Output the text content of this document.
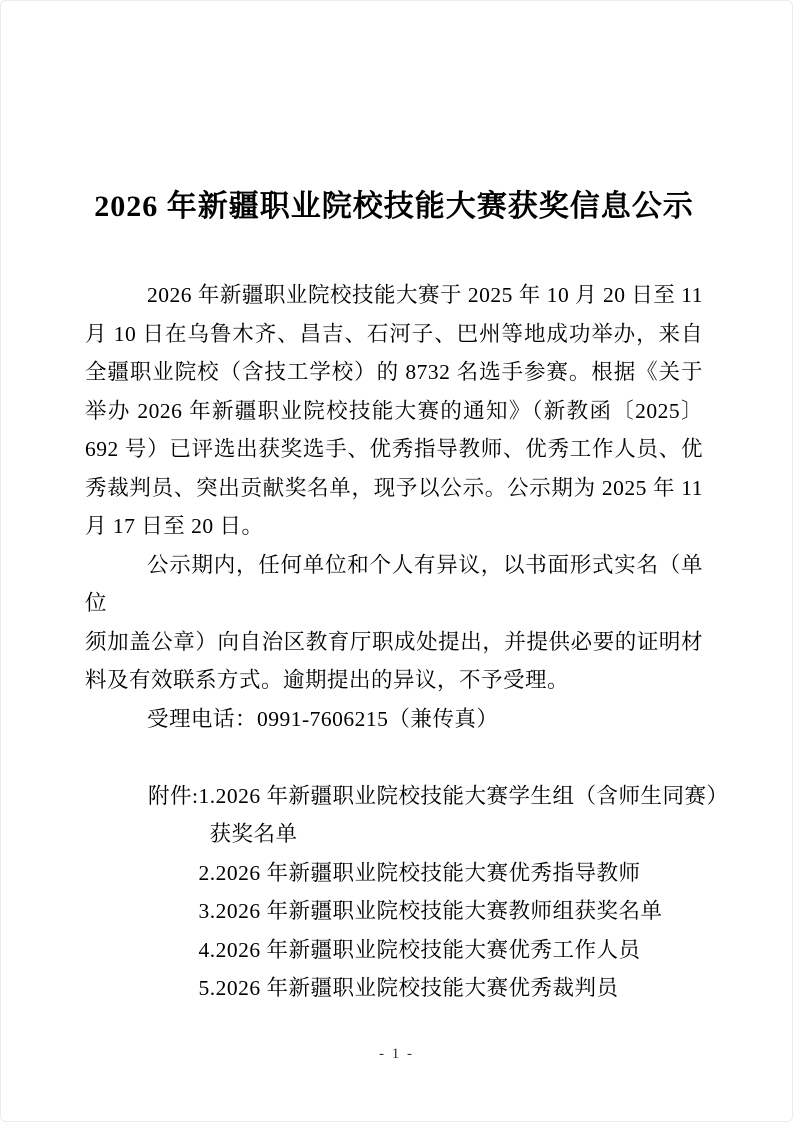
2026 年新疆职业院校技能大赛获奖信息公示
2026 年新疆职业院校技能大赛于 2025 年 10 月 20 日至 11
月 10 日在乌鲁木齐、昌吉、石河子、巴州等地成功举办，来自
全疆职业院校（含技工学校）的 8732 名选手参赛。根据《关于
举办 2026 年新疆职业院校技能大赛的通知》（新教函〔2025〕
692 号）已评选出获奖选手、优秀指导教师、优秀工作人员、优
秀裁判员、突出贡献奖名单，现予以公示。公示期为 2025 年 11
月 17 日至 20 日。
公示期内，任何单位和个人有异议，以书面形式实名（单位
须加盖公章）向自治区教育厅职成处提出，并提供必要的证明材
料及有效联系方式。逾期提出的异议，不予受理。
受理电话：0991-7606215（兼传真）
附件: 1.2026 年新疆职业院校技能大赛学生组（含师生同赛）
获奖名单
2.2026 年新疆职业院校技能大赛优秀指导教师
3.2026 年新疆职业院校技能大赛教师组获奖名单
4.2026 年新疆职业院校技能大赛优秀工作人员
5.2026 年新疆职业院校技能大赛优秀裁判员
- 1 -
